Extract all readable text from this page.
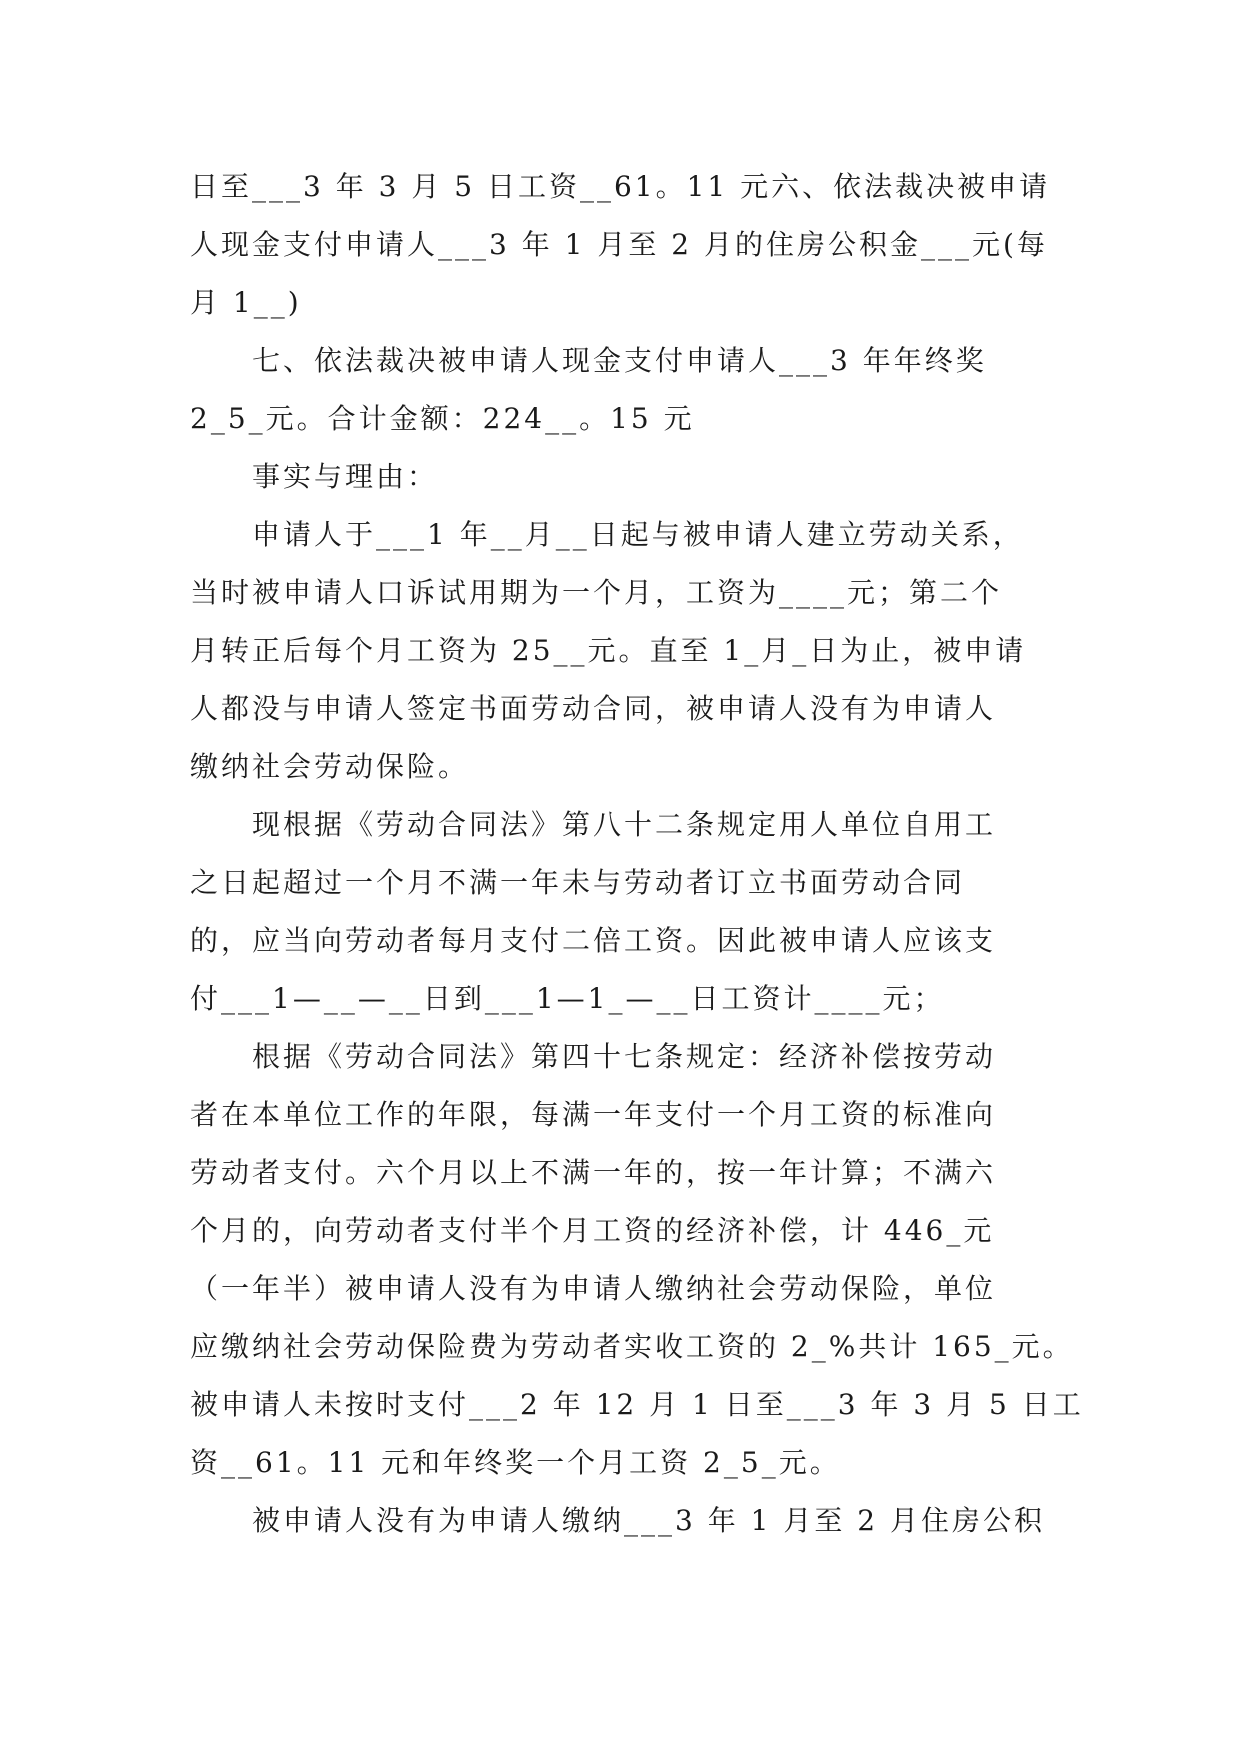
日至___3 年 3 月 5 日工资__61。11 元六、依法裁决被申请
人现金支付申请人___3 年 1 月至 2 月的住房公积金___元(每
月 1__)
七、依法裁决被申请人现金支付申请人___3 年年终奖
2_5_元。合计金额：224__。15 元
事实与理由：
申请人于___1 年__月__日起与被申请人建立劳动关系，
当时被申请人口诉试用期为一个月，工资为____元；第二个
月转正后每个月工资为 25__元。直至 1_月_日为止，被申请
人都没与申请人签定书面劳动合同，被申请人没有为申请人
缴纳社会劳动保险。
现根据《劳动合同法》第八十二条规定用人单位自用工
之日起超过一个月不满一年未与劳动者订立书面劳动合同
的，应当向劳动者每月支付二倍工资。因此被申请人应该支
付___1—__—__日到___1—1_—__日工资计____元；
根据《劳动合同法》第四十七条规定：经济补偿按劳动
者在本单位工作的年限，每满一年支付一个月工资的标准向
劳动者支付。六个月以上不满一年的，按一年计算；不满六
个月的，向劳动者支付半个月工资的经济补偿，计 446_元
（一年半）被申请人没有为申请人缴纳社会劳动保险，单位
应缴纳社会劳动保险费为劳动者实收工资的 2_%共计 165_元。
被申请人未按时支付___2 年 12 月 1 日至___3 年 3 月 5 日工
资__61。11 元和年终奖一个月工资 2_5_元。
被申请人没有为申请人缴纳___3 年 1 月至 2 月住房公积
